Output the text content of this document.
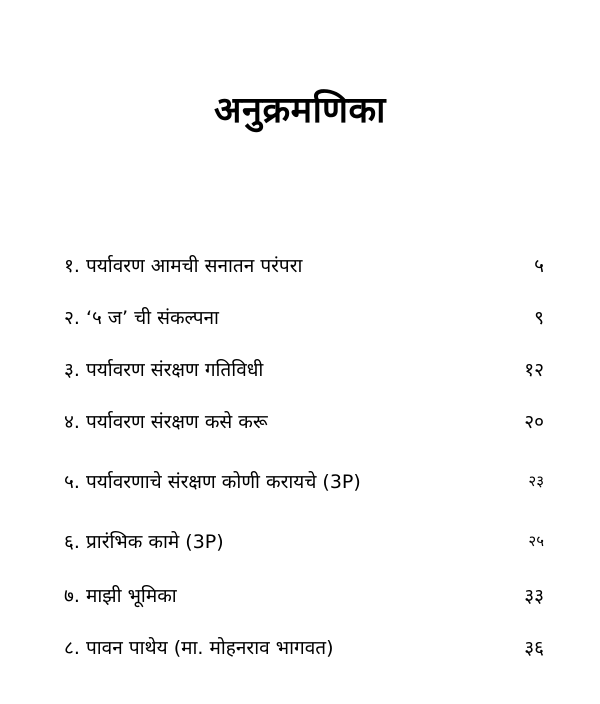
अनुक्रमणिका
१. पर्यावरण आमची सनातन परंपरा	५
२. ‘५ ज’ ची संकल्पना	९
३. पर्यावरण संरक्षण गतिविधी	१२
४. पर्यावरण संरक्षण कसे करू	२०
५. पर्यावरणाचे संरक्षण कोणी करायचे (3P)	२३
६. प्रारंभिक कामे (3P)	२५
७. माझी भूमिका	३३
८. पावन पाथेय (मा. मोहनराव भागवत)	३६
